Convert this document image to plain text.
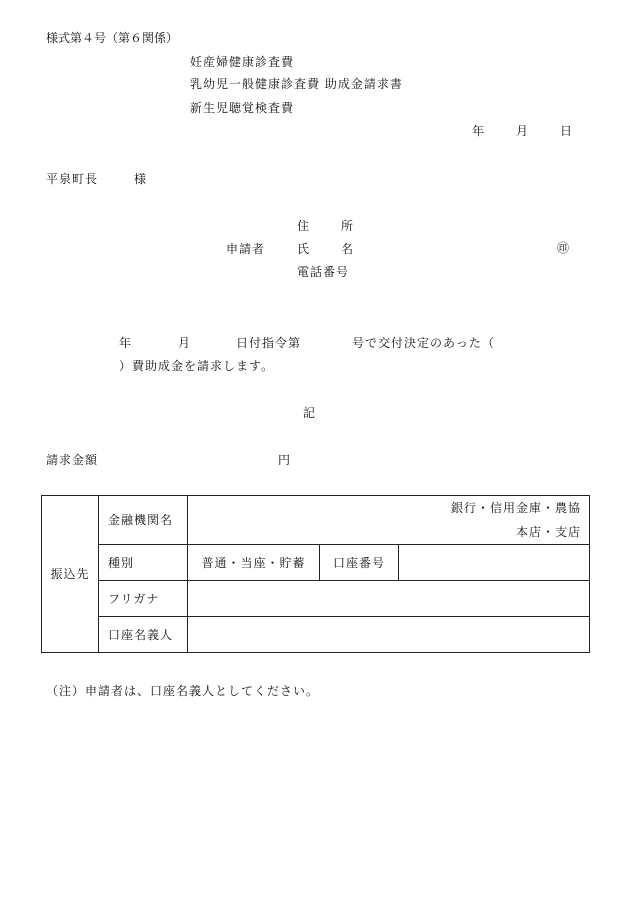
様式第４号（第６関係）
妊産婦健康診査費
乳幼児一般健康診査費 助成金請求書
新生児聴覚検査費
年	月	日
平泉町長	様
住	所
申請者	氏	名	㊞
電話番号
年	月	日付指令第	号で交付決定のあった（
）費助成金を請求します。
記
請求金額	円
振込先	金融機関名	銀行・信用金庫・農協
本店・支店		

	種別	普通・当座・貯蓄	口座番号	
	フリガナ			
	口座名義人			
（注）申請者は、口座名義人としてください。
